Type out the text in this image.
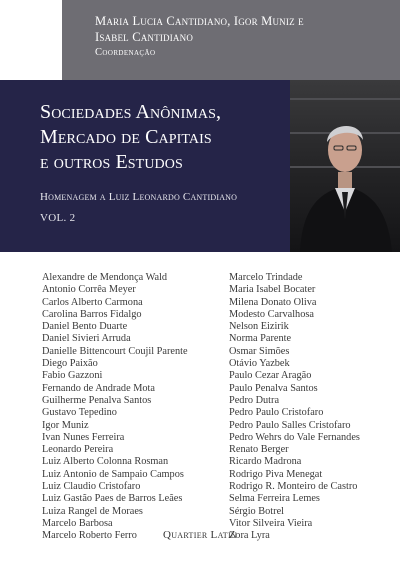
Maria Lucia Cantidiano, Igor Muniz e
Isabel Cantidiano
Coordenação
Sociedades Anônimas,
Mercado de Capitais
e outros Estudos
Homenagem a Luiz Leonardo Cantidiano
VOL. 2
Alexandre de Mendonça Wald
Antonio Corrêa Meyer
Carlos Alberto Carmona
Carolina Barros Fidalgo
Daniel Bento Duarte
Daniel Sivieri Arruda
Danielle Bittencourt Coujil Parente
Diego Paixão
Fabio Gazzoni
Fernando de Andrade Mota
Guilherme Penalva Santos
Gustavo Tepedino
Igor Muniz
Ivan Nunes Ferreira
Leonardo Pereira
Luiz Alberto Colonna Rosman
Luiz Antonio de Sampaio Campos
Luiz Claudio Cristofaro
Luiz Gastão Paes de Barros Leães
Luiza Rangel de Moraes
Marcelo Barbosa
Marcelo Roberto Ferro
Marcelo Trindade
Maria Isabel Bocater
Milena Donato Oliva
Modesto Carvalhosa
Nelson Eizirik
Norma Parente
Osmar Simões
Otávio Yazbek
Paulo Cezar Aragão
Paulo Penalva Santos
Pedro Dutra
Pedro Paulo Cristofaro
Pedro Paulo Salles Cristofaro
Pedro Wehrs do Vale Fernandes
Renato Berger
Ricardo Madrona
Rodrigo Piva Menegat
Rodrigo R. Monteiro de Castro
Selma Ferreira Lemes
Sérgio Botrel
Vitor Silveira Vieira
Zora Lyra
Quartier Latin
